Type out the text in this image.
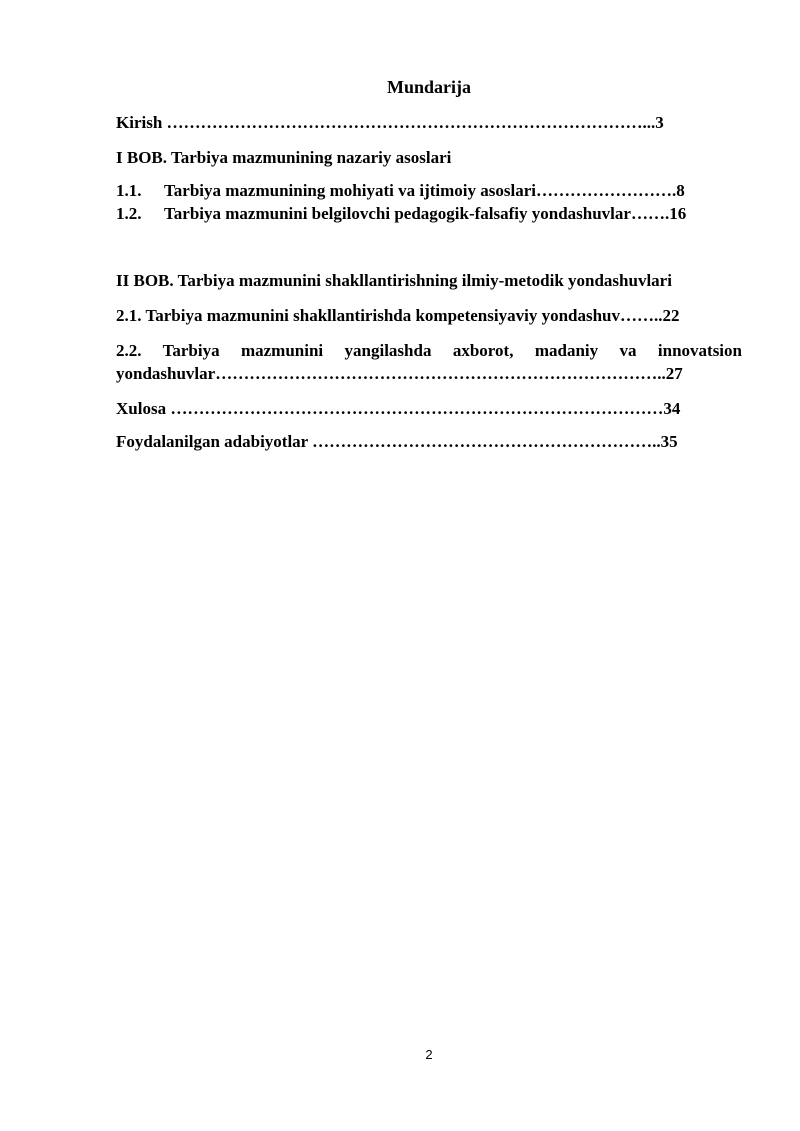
Mundarija
Kirish …………………………………………………………………………...3
I BOB. Tarbiya mazmunining nazariy asoslari
1.1. Tarbiya mazmunining mohiyati va ijtimoiy asoslari…………………….8
1.2. Tarbiya mazmunini belgilovchi pedagogik-falsafiy yondashuvlar…….16
II BOB. Tarbiya mazmunini shakllantirishning ilmiy-metodik yondashuvlari
2.1. Tarbiya mazmunini shakllantirishda kompetensiyaviy yondashuv……..22
2.2. Tarbiya mazmunini yangilashda axborot, madaniy va innovatsion
yondashuvlar……………………………………………………………………..27
Xulosa ……………………………………………………………………………34
Foydalanilgan adabiyotlar ……………………………………………………..35
2
